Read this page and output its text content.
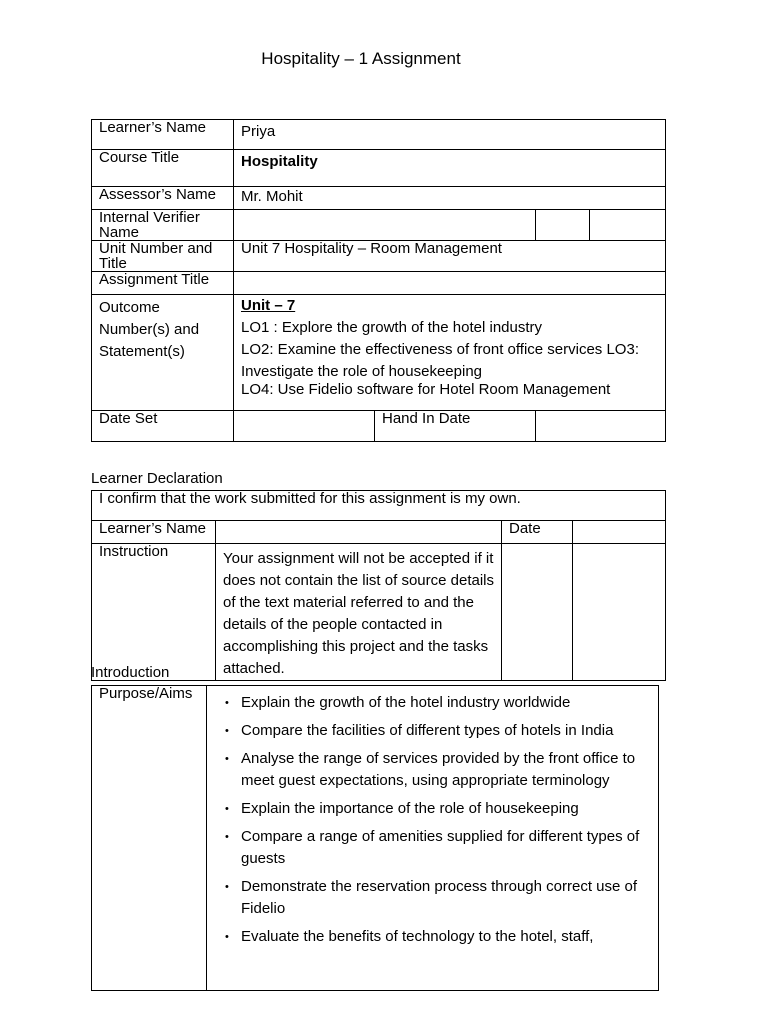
Hospitality – 1 Assignment
Learner’s Name	Priya			
Course Title	Hospitality			
Assessor’s Name	Mr. Mohit			
Internal Verifier Name				
Unit Number and Title	Unit 7 Hospitality – Room Management			
Assignment Title				
Outcome Number(s) and Statement(s)	Unit – 7
LO1 : Explore the growth of the hotel industry
LO2: Examine the effectiveness of front office services LO3: Investigate the role of housekeeping
LO4: Use Fidelio software for Hotel Room Management			

Date Set		Hand In Date		
Learner Declaration
I confirm that the work submitted for this assignment is my own.			
Learner’s Name		Date	
Instruction	Your assignment will not be accepted if it does not contain the list of source details of the text material referred to and the details of the people contacted in accomplishing this project and the tasks attached.		
Introduction
Purpose/Aims	
• Explain the growth of the hotel industry worldwide
• Compare the facilities of different types of hotels in India
• Analyse the range of services provided by the front office to meet guest expectations, using appropriate terminology
• Explain the importance of the role of housekeeping
• Compare a range of amenities supplied for different types of guests
• Demonstrate the reservation process through correct use of Fidelio
• Evaluate the benefits of technology to the hotel, staff,
